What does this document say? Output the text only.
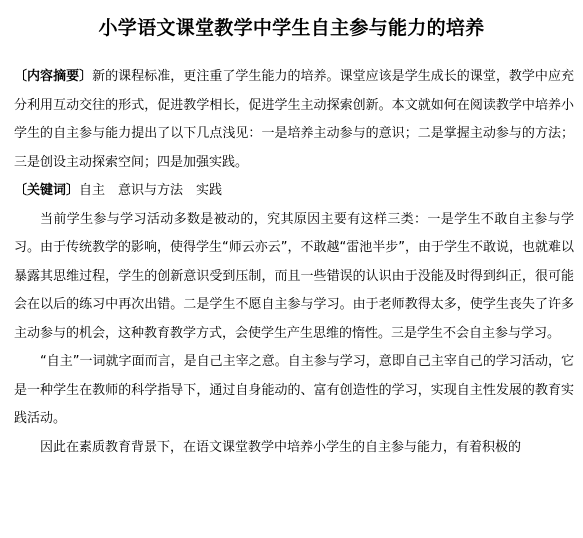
小学语文课堂教学中学生自主参与能力的培养

〔内容摘要〕新的课程标准，更注重了学生能力的培养。课堂应该是学生成长的课堂，教学中应充分利用互动交往的形式，促进教学相长，促进学生主动探索创新。本文就如何在阅读教学中培养小学生的自主参与能力提出了以下几点浅见：一是培养主动参与的意识；二是掌握主动参与的方法；三是创设主动探索空间；四是加强实践。

〔关键词〕自主　意识与方法　实践

当前学生参与学习活动多数是被动的，究其原因主要有这样三类：一是学生不敢自主参与学习。由于传统教学的影响，使得学生“师云亦云”，不敢越“雷池半步”，由于学生不敢说，也就难以暴露其思维过程，学生的创新意识受到压制，而且一些错误的认识由于没能及时得到纠正，很可能会在以后的练习中再次出错。二是学生不愿自主参与学习。由于老师教得太多，使学生丧失了许多主动参与的机会，这种教育教学方式，会使学生产生思维的惰性。三是学生不会自主参与学习。

“自主”一词就字面而言，是自己主宰之意。自主参与学习，意即自己主宰自己的学习活动，它是一种学生在教师的科学指导下，通过自身能动的、富有创造性的学习，实现自主性发展的教育实践活动。

因此在素质教育背景下，在语文课堂教学中培养小学生的自主参与能力，有着积极的
